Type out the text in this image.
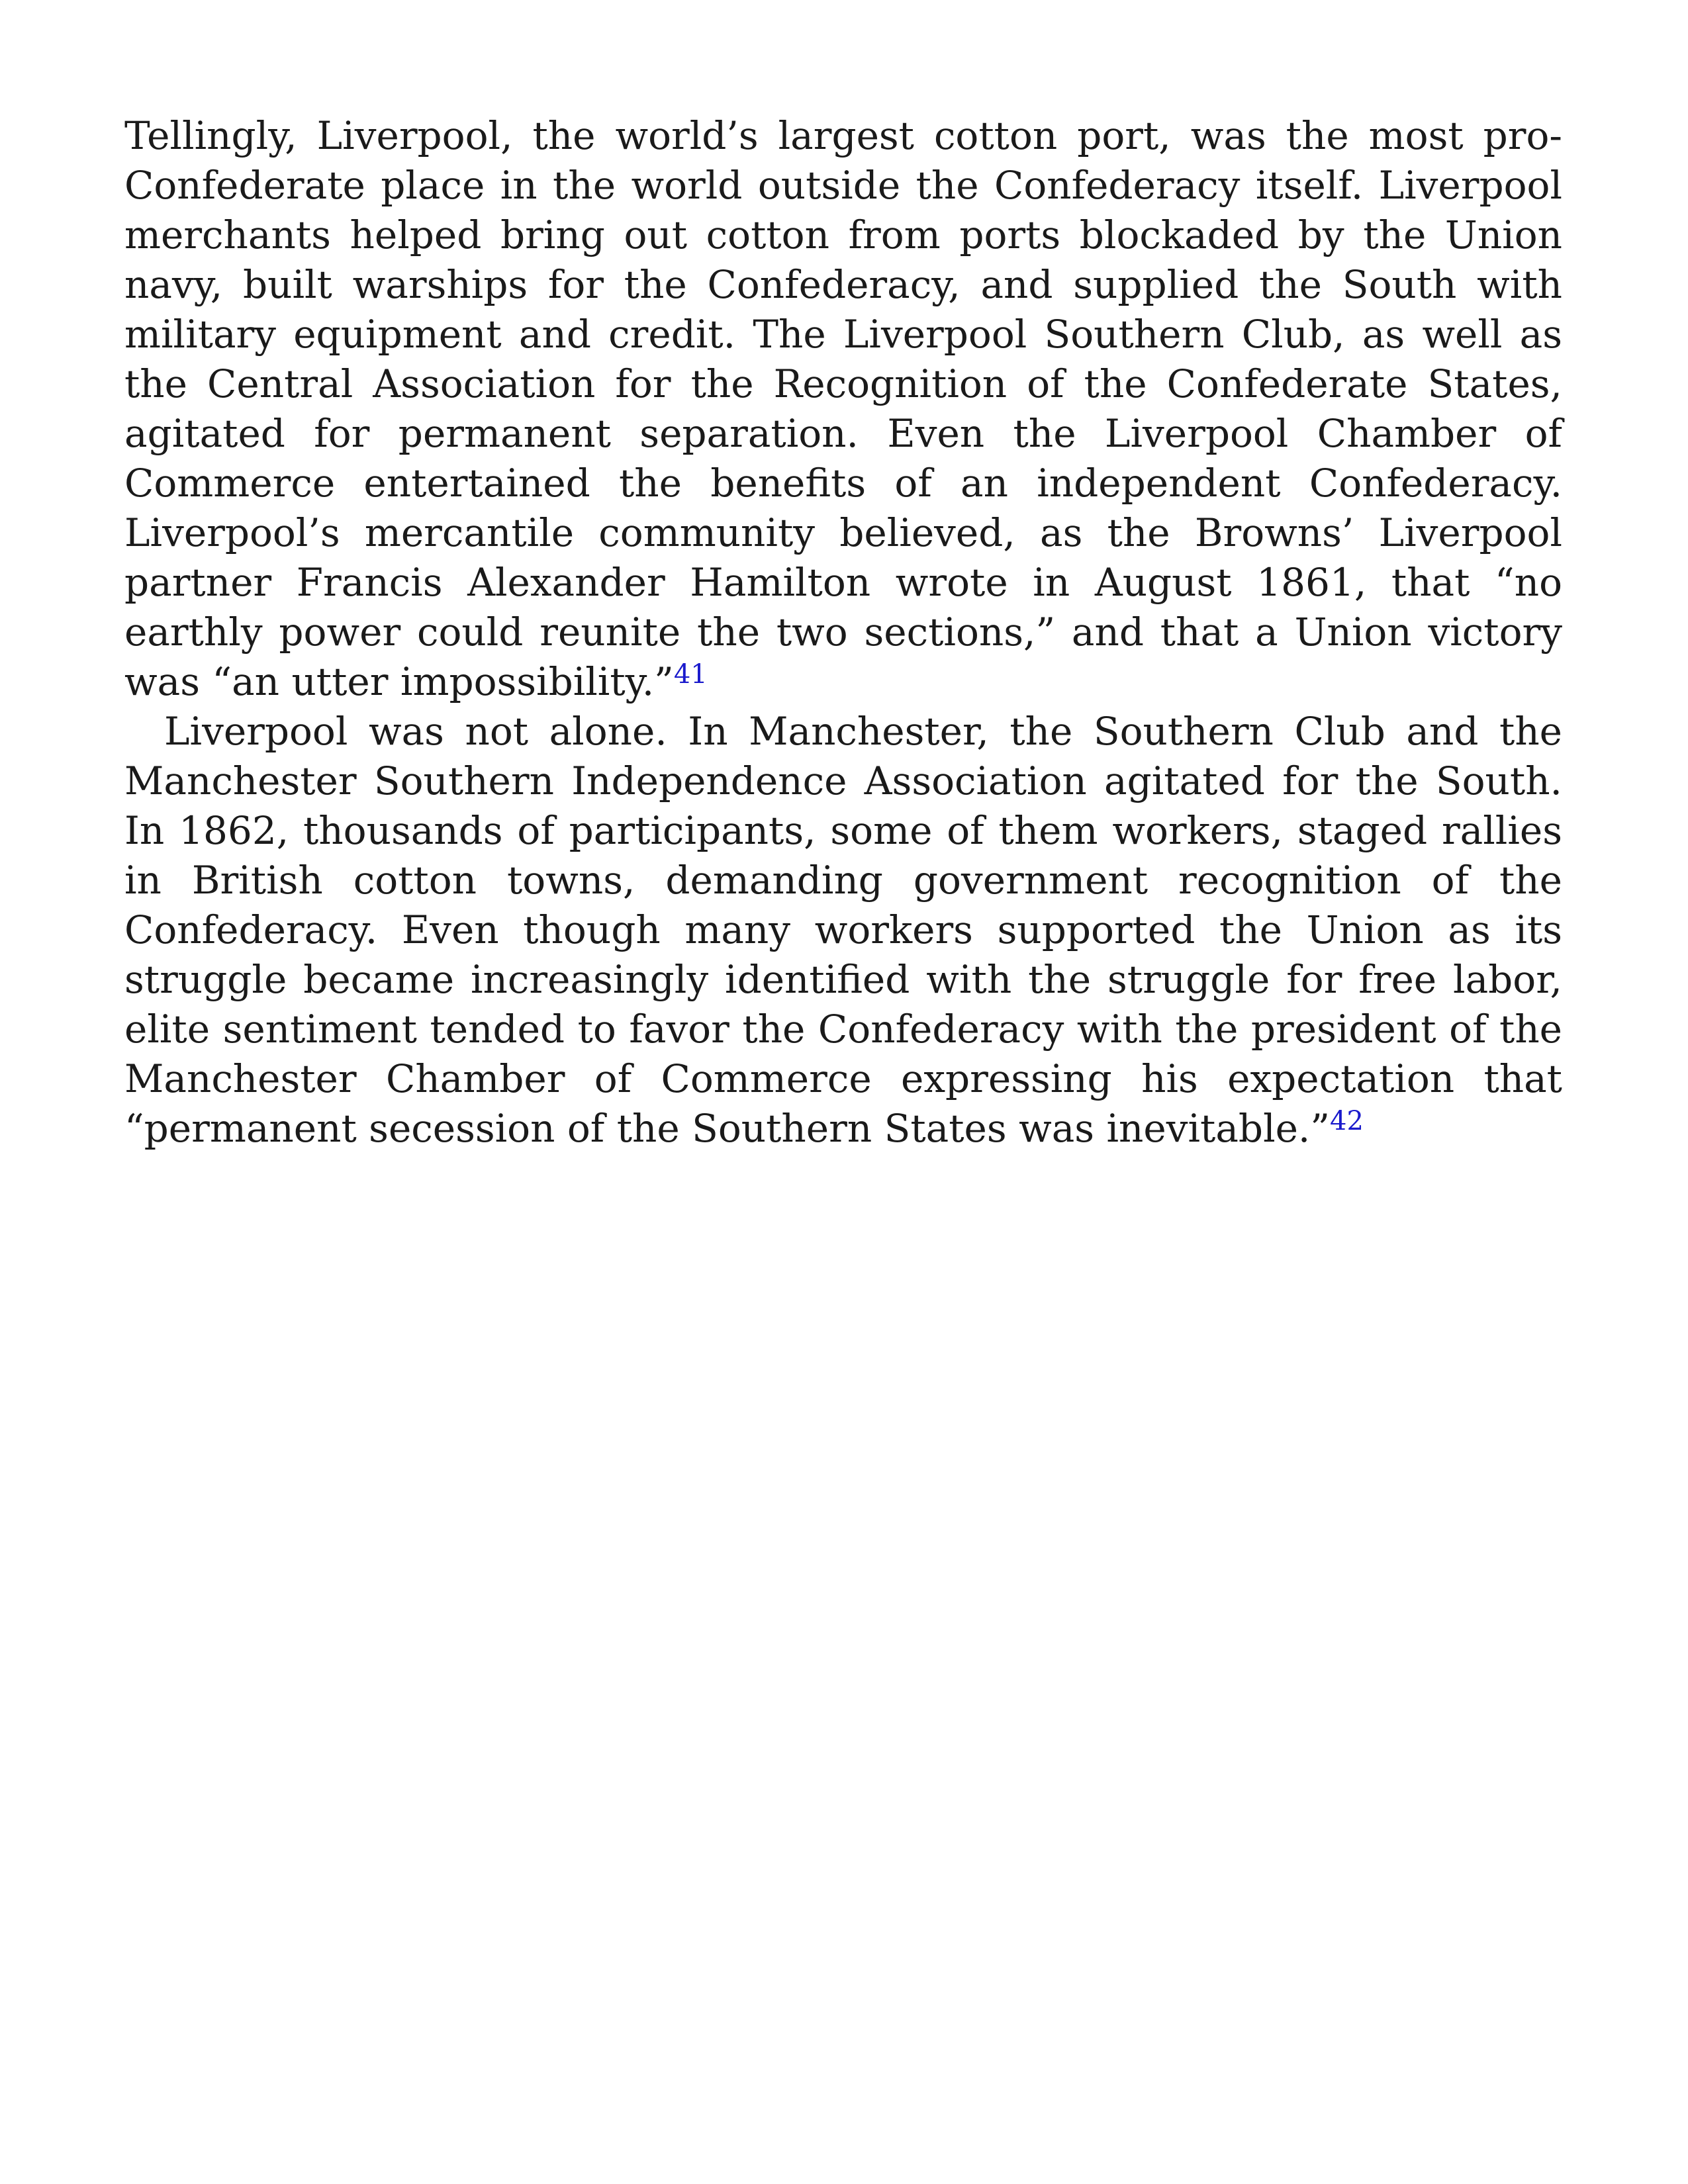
Tellingly, Liverpool, the world’s largest cotton port, was the most pro-Confederate place in the world outside the Confederacy itself. Liverpool merchants helped bring out cotton from ports blockaded by the Union navy, built warships for the Confederacy, and supplied the South with military equipment and credit. The Liverpool Southern Club, as well as the Central Association for the Recognition of the Confederate States, agitated for permanent separation. Even the Liverpool Chamber of Commerce entertained the benefits of an independent Confederacy. Liverpool’s mercantile community believed, as the Browns’ Liverpool partner Francis Alexander Hamilton wrote in August 1861, that “no earthly power could reunite the two sections,” and that a Union victory was “an utter impossibility.”$^{41}$

Liverpool was not alone. In Manchester, the Southern Club and the Manchester Southern Independence Association agitated for the South. In 1862, thousands of participants, some of them workers, staged rallies in British cotton towns, demanding government recognition of the Confederacy. Even though many workers supported the Union as its struggle became increasingly identified with the struggle for free labor, elite sentiment tended to favor the Confederacy with the president of the Manchester Chamber of Commerce expressing his expectation that “permanent secession of the Southern States was inevitable.”$^{42}$
